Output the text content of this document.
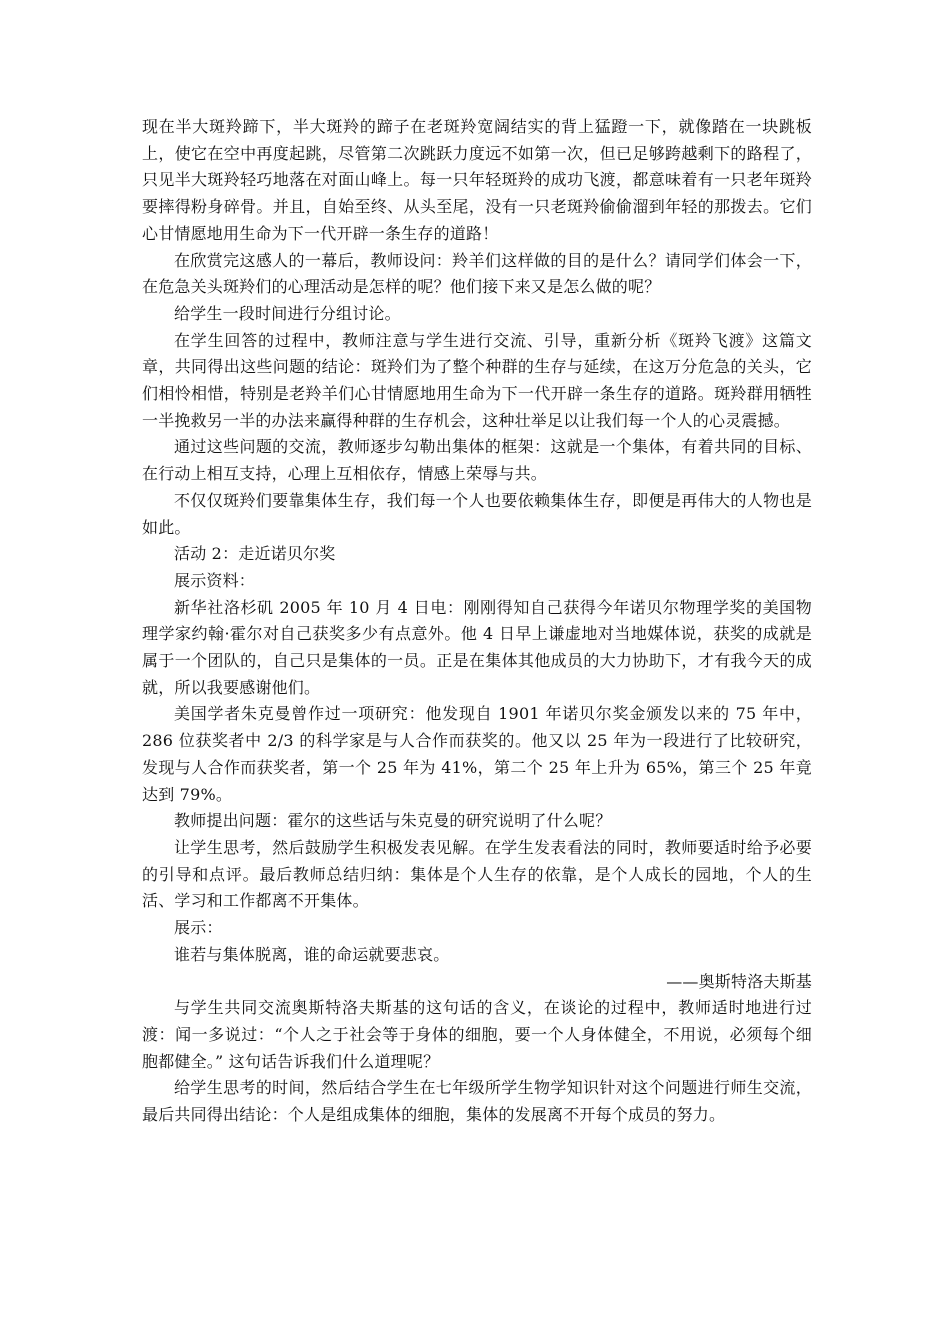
现在半大斑羚蹄下，半大斑羚的蹄子在老斑羚宽阔结实的背上猛蹬一下，就像踏在一块跳板上，使它在空中再度起跳，尽管第二次跳跃力度远不如第一次，但已足够跨越剩下的路程了，只见半大斑羚轻巧地落在对面山峰上。每一只年轻斑羚的成功飞渡，都意味着有一只老年斑羚要摔得粉身碎骨。并且，自始至终、从头至尾，没有一只老斑羚偷偷溜到年轻的那拨去。它们心甘情愿地用生命为下一代开辟一条生存的道路！

在欣赏完这感人的一幕后，教师设问：羚羊们这样做的目的是什么？请同学们体会一下，在危急关头斑羚们的心理活动是怎样的呢？他们接下来又是怎么做的呢？

给学生一段时间进行分组讨论。

在学生回答的过程中，教师注意与学生进行交流、引导，重新分析《斑羚飞渡》这篇文章，共同得出这些问题的结论：斑羚们为了整个种群的生存与延续，在这万分危急的关头，它们相怜相惜，特别是老羚羊们心甘情愿地用生命为下一代开辟一条生存的道路。斑羚群用牺牲一半挽救另一半的办法来赢得种群的生存机会，这种壮举足以让我们每一个人的心灵震撼。

通过这些问题的交流，教师逐步勾勒出集体的框架：这就是一个集体，有着共同的目标、在行动上相互支持，心理上互相依存，情感上荣辱与共。

不仅仅斑羚们要靠集体生存，我们每一个人也要依赖集体生存，即便是再伟大的人物也是如此。

活动 2：走近诺贝尔奖

展示资料：

新华社洛杉矶 2005 年 10 月 4 日电：刚刚得知自己获得今年诺贝尔物理学奖的美国物理学家约翰·霍尔对自己获奖多少有点意外。他 4 日早上谦虚地对当地媒体说，获奖的成就是属于一个团队的，自己只是集体的一员。正是在集体其他成员的大力协助下，才有我今天的成就，所以我要感谢他们。

美国学者朱克曼曾作过一项研究：他发现自 1901 年诺贝尔奖金颁发以来的 75 年中，286 位获奖者中 2/3 的科学家是与人合作而获奖的。他又以 25 年为一段进行了比较研究，发现与人合作而获奖者，第一个 25 年为 41%，第二个 25 年上升为 65%，第三个 25 年竟达到 79%。

教师提出问题：霍尔的这些话与朱克曼的研究说明了什么呢？

让学生思考，然后鼓励学生积极发表见解。在学生发表看法的同时，教师要适时给予必要的引导和点评。最后教师总结归纳：集体是个人生存的依靠，是个人成长的园地，个人的生活、学习和工作都离不开集体。

展示：

谁若与集体脱离，谁的命运就要悲哀。

——奥斯特洛夫斯基

与学生共同交流奥斯特洛夫斯基的这句话的含义，在谈论的过程中，教师适时地进行过渡：闻一多说过：“个人之于社会等于身体的细胞，要一个人身体健全，不用说，必须每个细胞都健全。” 这句话告诉我们什么道理呢？

给学生思考的时间，然后结合学生在七年级所学生物学知识针对这个问题进行师生交流，最后共同得出结论：个人是组成集体的细胞，集体的发展离不开每个成员的努力。
